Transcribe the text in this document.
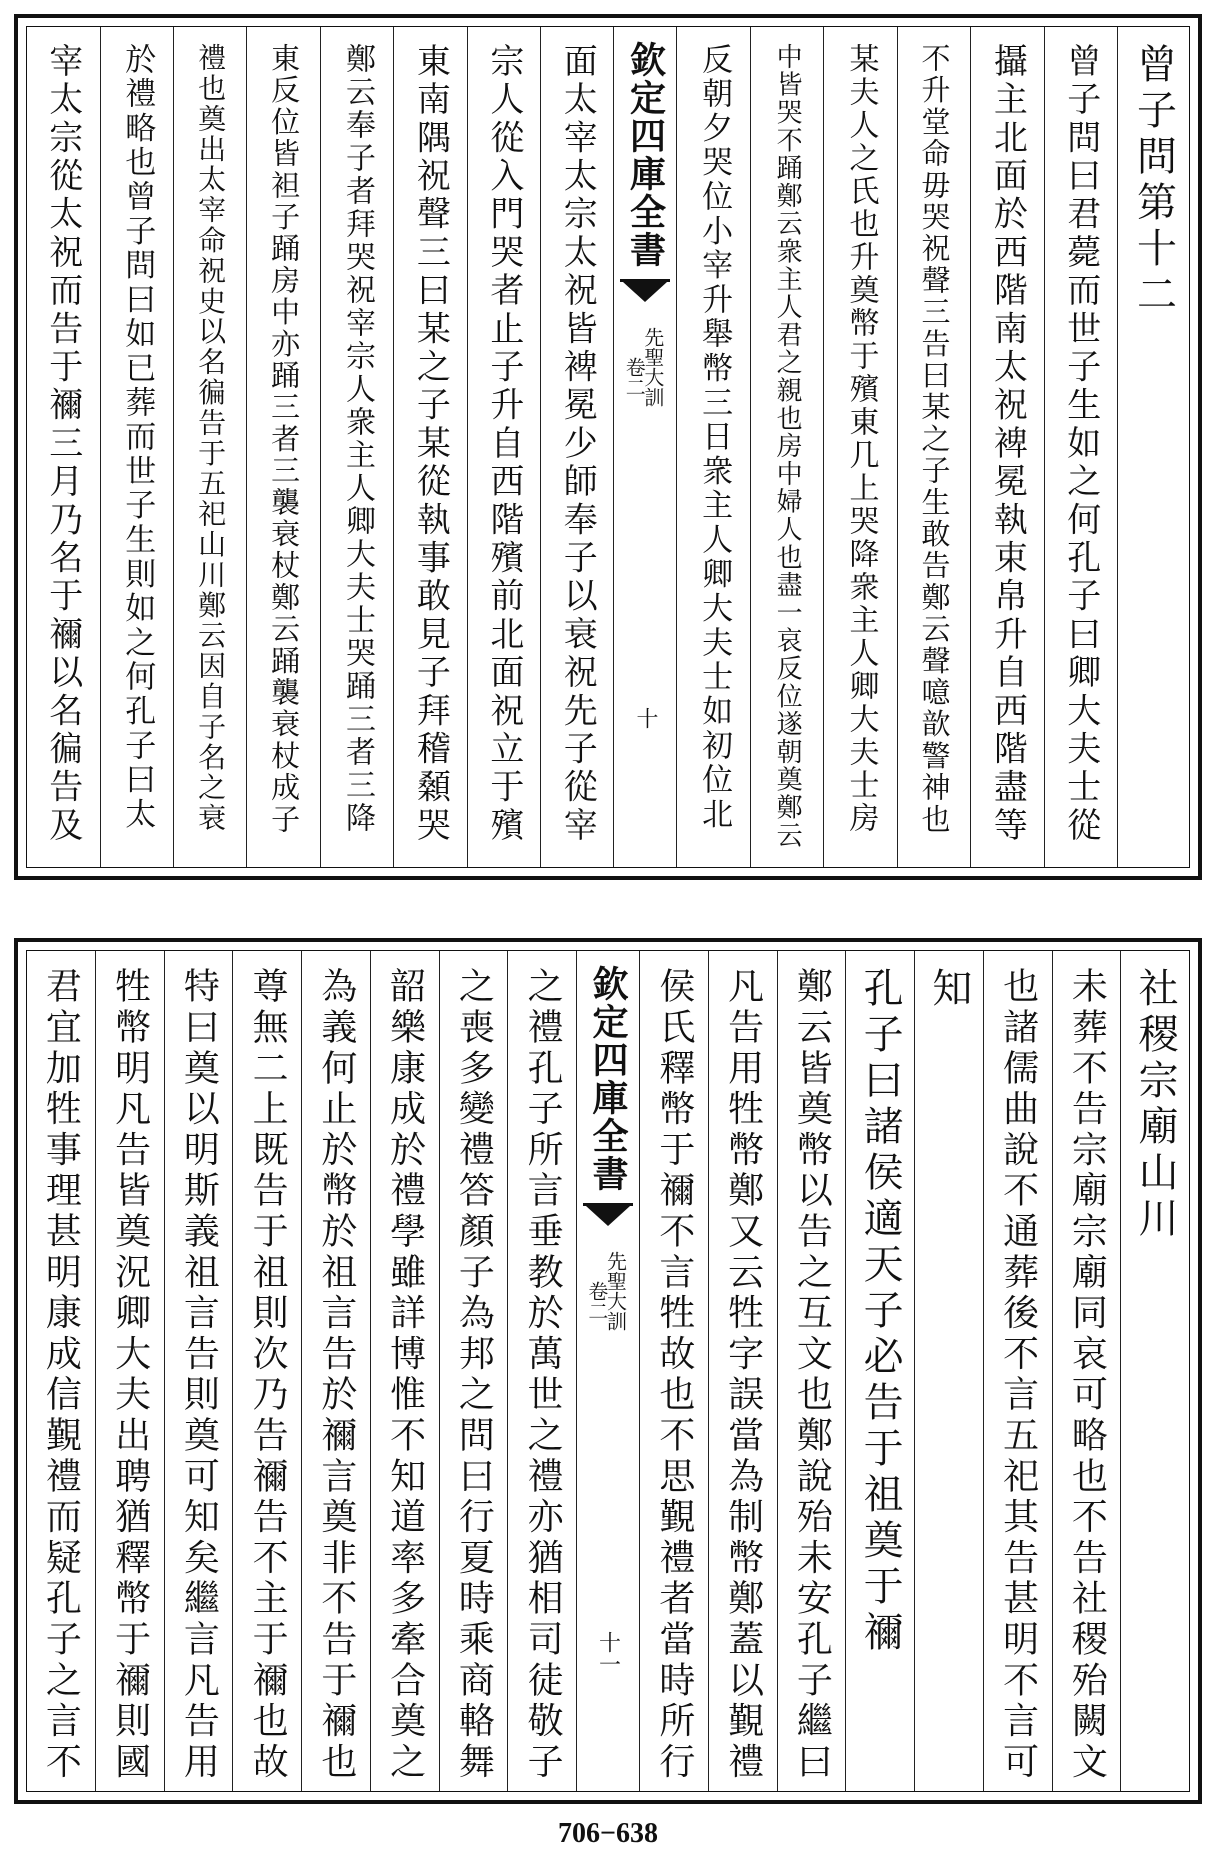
曾子問第十二
曾子問曰君薨而世子生如之何孔子曰卿大夫士從
攝主北面於西階南太祝裨冕執束帛升自西階盡等
不升堂命毋哭祝聲三告曰某之子生敢告鄭云聲噫歆警神也
某夫人之氏也升奠幣于殯東几上哭降衆主人卿大夫士房
中皆哭不踊鄭云衆主人君之親也房中婦人也盡一哀反位遂朝奠鄭云
反朝夕哭位小宰升舉幣三日衆主人卿大夫士如初位北
欽定四庫全書
先聖大訓
卷二
十
面太宰太宗太祝皆裨冕少師奉子以衰祝先子從宰
宗人從入門哭者止子升自西階殯前北面祝立于殯
東南隅祝聲三曰某之子某從執事敢見子拜稽顙哭
鄭云奉子者拜哭祝宰宗人衆主人卿大夫士哭踊三者三降
東反位皆袒子踊房中亦踊三者三襲衰杖鄭云踊襲衰杖成子
禮也奠出太宰命祝史以名徧告于五祀山川鄭云因自子名之衰
於禮略也曾子問曰如已葬而世子生則如之何孔子曰太
宰太宗從太祝而告于禰三月乃名于禰以名徧告及
社稷宗廟山川
未葬不告宗廟宗廟同哀可略也不告社稷殆闕文
也諸儒曲說不通葬後不言五祀其告甚明不言可
知
孔子曰諸侯適天子必告于祖奠于禰
鄭云皆奠幣以告之互文也鄭說殆未安孔子繼曰
凡告用牲幣鄭又云牲字誤當為制幣鄭蓋以覲禮
侯氏釋幣于禰不言牲故也不思覲禮者當時所行
欽定四庫全書
先聖大訓
卷二
十一
之禮孔子所言垂教於萬世之禮亦猶相司徒敬子
之喪多變禮答顏子為邦之問曰行夏時乘商輅舞
韶樂康成於禮學雖詳博惟不知道率多牽合奠之
為義何止於幣於祖言告於禰言奠非不告于禰也
尊無二上既告于祖則次乃告禰告不主于禰也故
特曰奠以明斯義祖言告則奠可知矣繼言凡告用
牲幣明凡告皆奠況卿大夫出聘猶釋幣于禰則國
君宜加牲事理甚明康成信覲禮而疑孔子之言不
706−638
